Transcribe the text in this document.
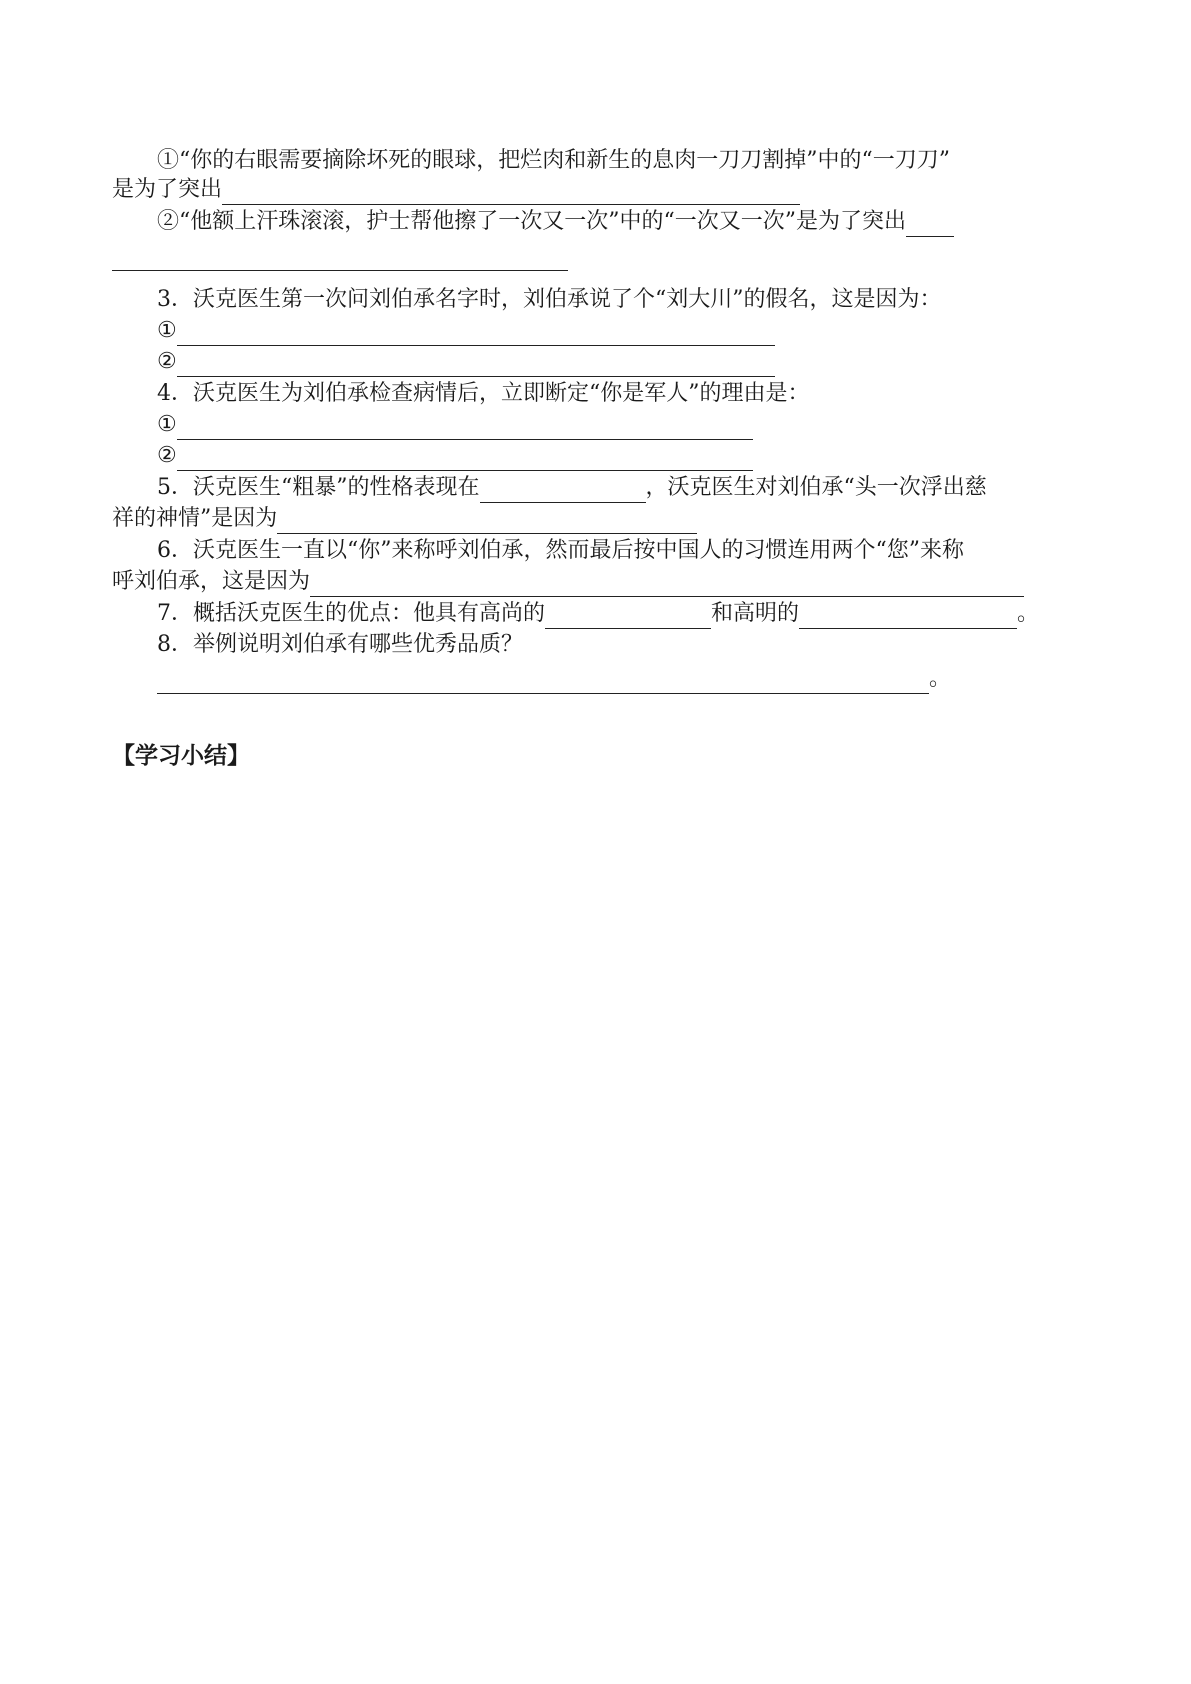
①“你的右眼需要摘除坏死的眼球，把烂肉和新生的息肉一刀刀割掉”中的“一刀刀”
是为了突出
②“他额上汗珠滚滚，护士帮他擦了一次又一次”中的“一次又一次”是为了突出
3．沃克医生第一次问刘伯承名字时，刘伯承说了个“刘大川”的假名，这是因为：
①
②
4．沃克医生为刘伯承检查病情后，立即断定“你是军人”的理由是：
①
②
5．沃克医生“粗暴”的性格表现在	，沃克医生对刘伯承“头一次浮出慈
祥的神情”是因为
6．沃克医生一直以“你”来称呼刘伯承，然而最后按中国人的习惯连用两个“您”来称
呼刘伯承，这是因为
7．概括沃克医生的优点：他具有高尚的	和高明的	。
8．举例说明刘伯承有哪些优秀品质？
。
【学习小结】
